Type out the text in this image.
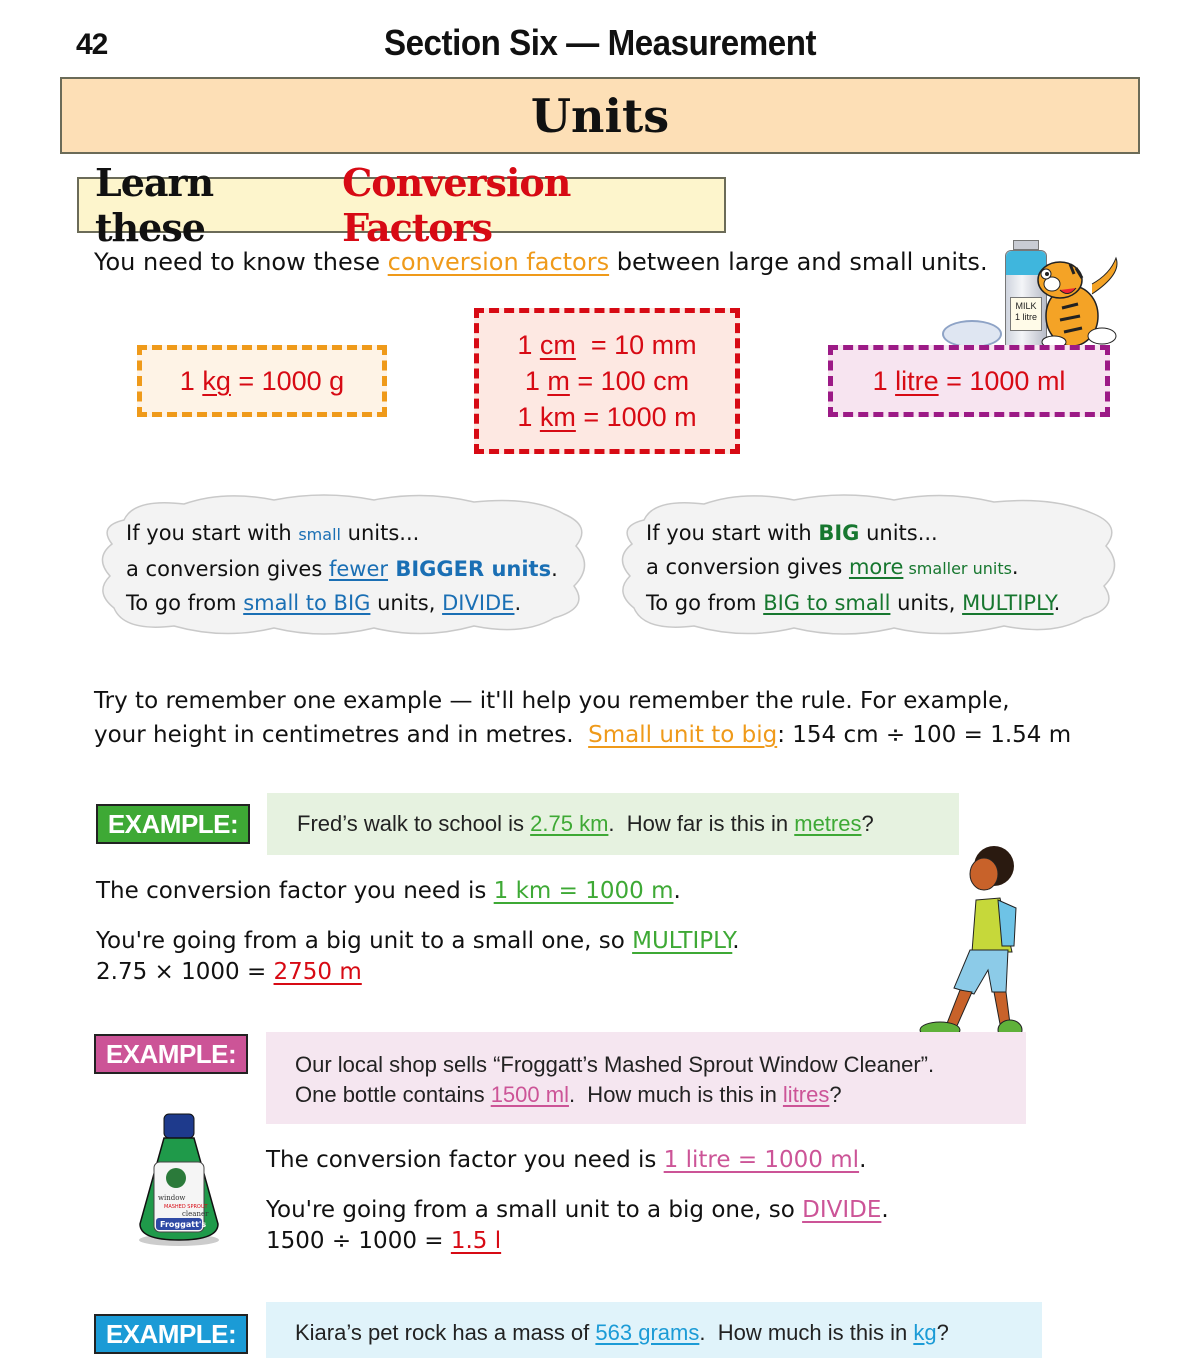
42	Section Six — Measurement
Units
Learn these
Conversion Factors
You need to know these conversion factors between large and small units.
1 kg = 1000 g
1 cm  = 10 mm
1 m = 100 cm
1 km = 1000 m
MILK
1 litre
1 litre = 1000 ml
If you start with small units...
a conversion gives fewer BIGGER units.
To go from small to BIG units, DIVIDE.
If you start with BIG units...
a conversion gives more smaller units.
To go from BIG to small units, MULTIPLY.
Try to remember one example — it'll help you remember the rule. For example,
your height in centimetres and in metres.  Small unit to big: 154 cm ÷ 100 = 1.54 m
EXAMPLE:	Fred’s walk to school is 2.75 km.  How far is this in metres?
The conversion factor you need is 1 km = 1000 m.
You're going from a big unit to a small one, so MULTIPLY.
2.75 × 1000 = 2750 m
EXAMPLE:	Our local shop sells “Froggatt’s Mashed Sprout Window Cleaner”.
One bottle contains 1500 ml.  How much is this in litres?
window
MASHED SPROUT
cleaner
Froggatt's
The conversion factor you need is 1 litre = 1000 ml.
You're going from a small unit to a big one, so DIVIDE.
1500 ÷ 1000 = 1.5 l
EXAMPLE:	Kiara’s pet rock has a mass of 563 grams.  How much is this in kg?
